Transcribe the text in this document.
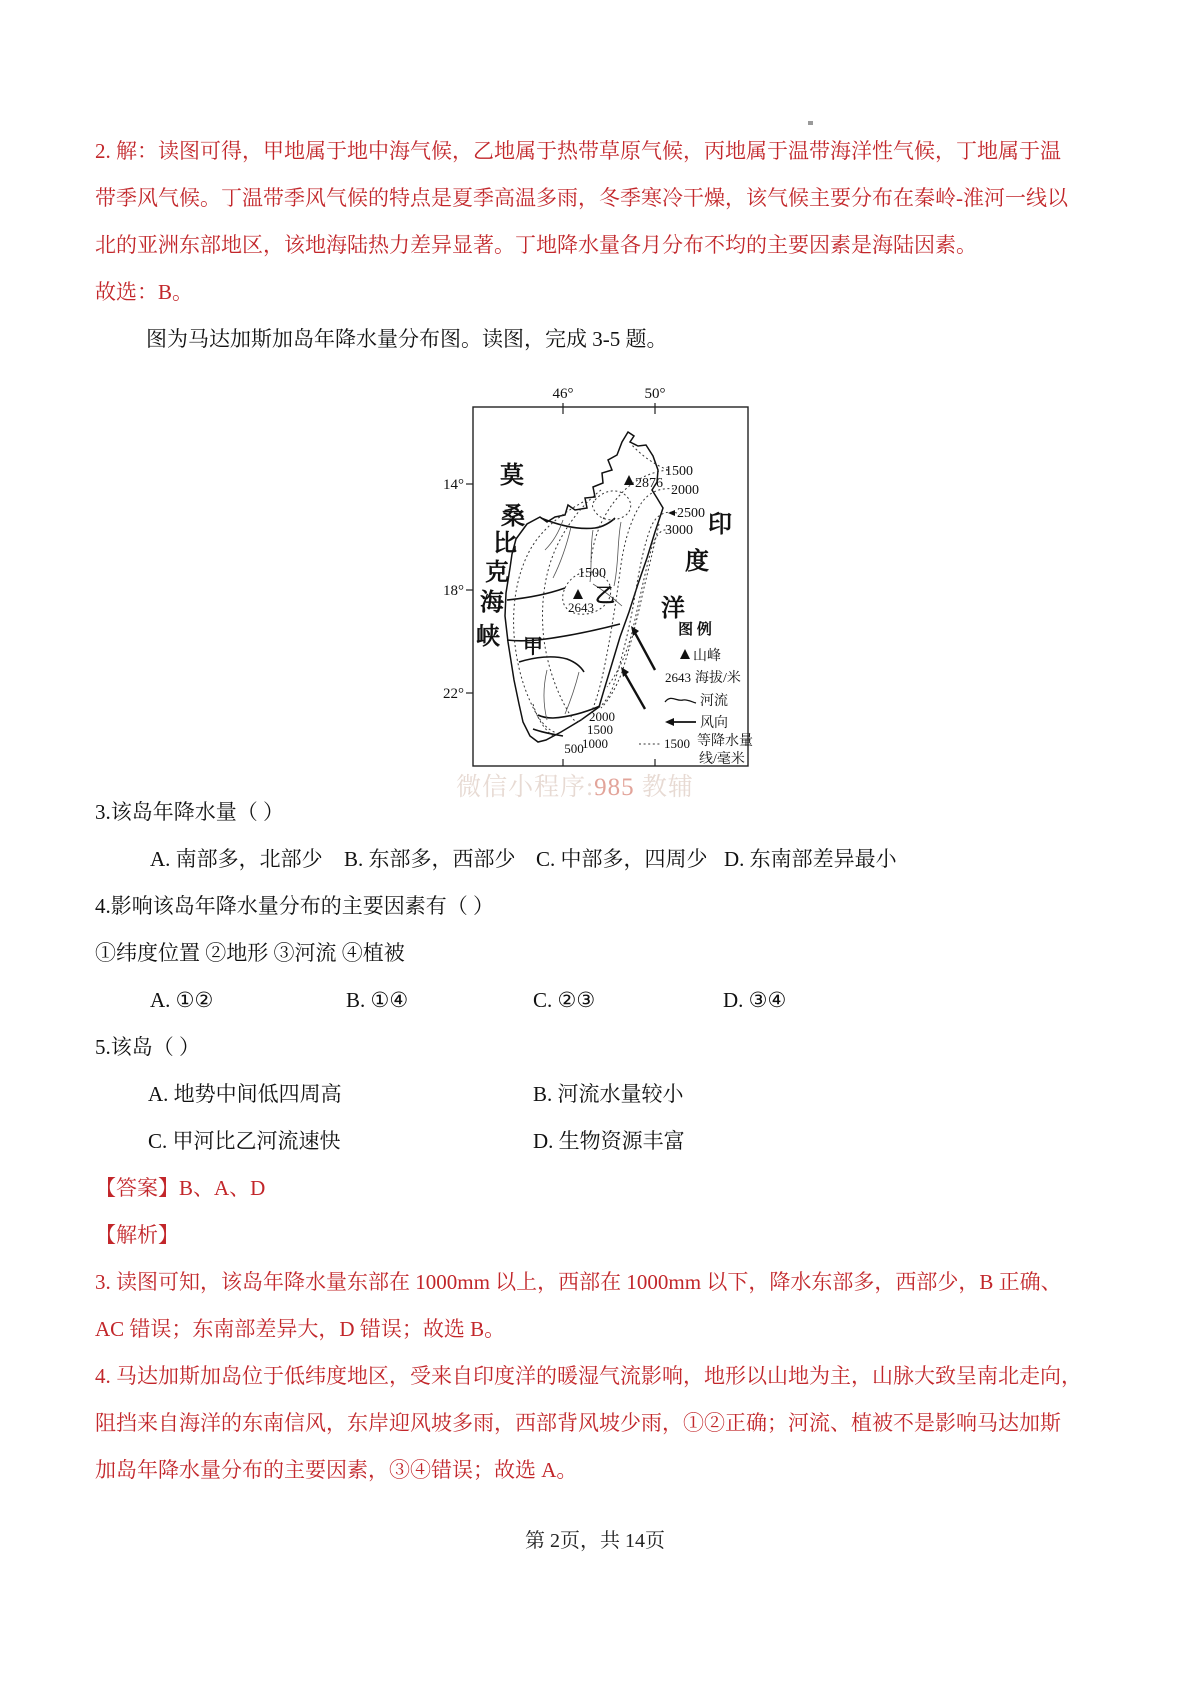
2. 解：读图可得，甲地属于地中海气候，乙地属于热带草原气候，丙地属于温带海洋性气候，丁地属于温
带季风气候。丁温带季风气候的特点是夏季高温多雨，冬季寒冷干燥，该气候主要分布在秦岭-淮河一线以
北的亚洲东部地区，该地海陆热力差异显著。丁地降水量各月分布不均的主要因素是海陆因素。
故选：B。
图为马达加斯加岛年降水量分布图。读图，完成 3-5 题。
46°	50°
14°
18°
22°
2876
1500
2643
1500
2000
2500
3000
2000
1500
1000
500
甲
乙
莫
桑
比
克
海
峡
印
度
洋
图 例
山峰
2643 海拔/米
河流
风向
1500 等降水量
线/毫米
微信小程序:985 教辅
3.该岛年降水量（ ）
A. 南部多，北部少 B. 东部多，西部少 C. 中部多，四周少 D. 东南部差异最小
4.影响该岛年降水量分布的主要因素有（ ）
①纬度位置 ②地形 ③河流 ④植被
A. ①②	B. ①④	C. ②③	D. ③④
5.该岛（ ）
A. 地势中间低四周高	B. 河流水量较小
C. 甲河比乙河流速快	D. 生物资源丰富
【答案】B、A、D
【解析】
3. 读图可知，该岛年降水量东部在 1000mm 以上，西部在 1000mm 以下，降水东部多，西部少，B 正确、
AC 错误；东南部差异大，D 错误；故选 B。
4. 马达加斯加岛位于低纬度地区，受来自印度洋的暖湿气流影响，地形以山地为主，山脉大致呈南北走向，
阻挡来自海洋的东南信风，东岸迎风坡多雨，西部背风坡少雨，①②正确；河流、植被不是影响马达加斯
加岛年降水量分布的主要因素，③④错误；故选 A。
第 2页，共 14页
